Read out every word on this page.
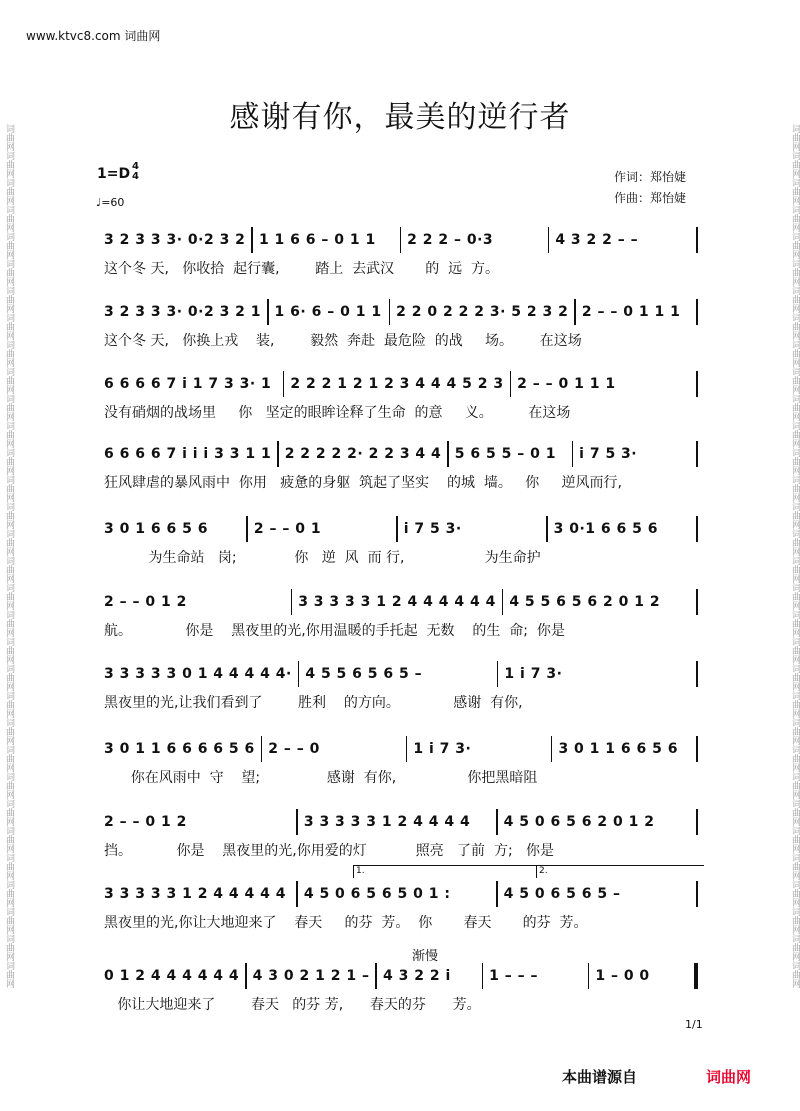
词曲网词曲网词曲网词曲网词曲网词曲网词曲网词曲网词曲网词曲网词曲网词曲网词曲网词曲网词曲网词曲网词曲网词曲网词曲网词曲网词曲网词曲网词曲网词曲网词曲网词曲网词曲网词曲网词曲网词曲网词曲网词曲网	词曲网词曲网词曲网词曲网词曲网词曲网词曲网词曲网词曲网词曲网词曲网词曲网词曲网词曲网词曲网词曲网词曲网词曲网词曲网词曲网词曲网词曲网词曲网词曲网词曲网词曲网词曲网词曲网词曲网词曲网词曲网词曲网
www.ktvc8.com 词曲网
感谢有你，最美的逆行者
1=D 4
4
♩=60
作词：郑怡婕
作曲：郑怡婕
3 2 3 3 3· 0·2 3 2 1 1 6 6 – 0 1 1	2 2 2 – 0·3	4 3 2 2 – –
这个冬 天,   你收拾  起行囊,        踏上  去武汉       的  远  方。
3 2 3 3 3· 0·2 3 2 1 1 6· 6 – 0 1 1 2 2 0 2 2 2 3· 5 2 3 2 2 – – 0 1 1 1
这个冬 天,   你换上戎    装,        毅然  奔赴  最危险  的战     场。      在这场
6 6 6 6 7 i 1 7 3 3· 1	2 2 2 1 2 1 2 3 4 4 4 5 2 3 2 – – 0 1 1 1
没有硝烟的战场里     你   坚定的眼眸诠释了生命  的意     义。        在这场
6 6 6 6 7 i i i 3 3 1 1 2 2 2 2 2· 2 2 3 4 4 5 6 5 5 – 0 1	i 7 5 3·
狂风肆虐的暴风雨中  你用   疲惫的身躯  筑起了坚实    的城  墙。   你     逆风而行,
3 0 1 6 6 5 6	2 – – 0 1	i 7 5 3·	3 0·1 6 6 5 6
为生命站   岗;             你   逆  风  而 行,                  为生命护
2 – – 0 1 2	3 3 3 3 3 1 2 4 4 4 4 4 4 4 5 5 6 5 6 2 0 1 2
航。            你是    黑夜里的光,你用温暖的手托起  无数    的生  命;  你是
3 3 3 3 3 0 1 4 4 4 4 4· 4 5 5 6 5 6 5 –	1 i 7 3·
黑夜里的光,让我们看到了        胜利    的方向。            感谢  有你,
3 0 1 1 6 6 6 6 5 6 2 – – 0	1 i 7 3·	3 0 1 1 6 6 5 6
你在风雨中  守    望;               感谢  有你,                你把黑暗阻
2 – – 0 1 2	3 3 3 3 3 1 2 4 4 4 4	4 5 0 6 5 6 2 0 1 2
挡。          你是    黑夜里的光,你用爱的灯           照亮   了前  方;   你是
3 3 3 3 3 1 2 4 4 4 4 4	4 5 0 6 5 6 5 0 1 :	4 5 0 6 5 6 5 –
黑夜里的光,你让大地迎来了    春天     的芬  芳。  你       春天       的芬  芳。
0 1 2 4 4 4 4 4 4 4 3 0 2 1 2 1 – 4 3 2 2 i	1 – – –	1 – 0 0
你让大地迎来了        春天   的芬 芳,      春天的芬      芳。
1.	2.
渐慢
1/1
本曲谱源自	词曲网
